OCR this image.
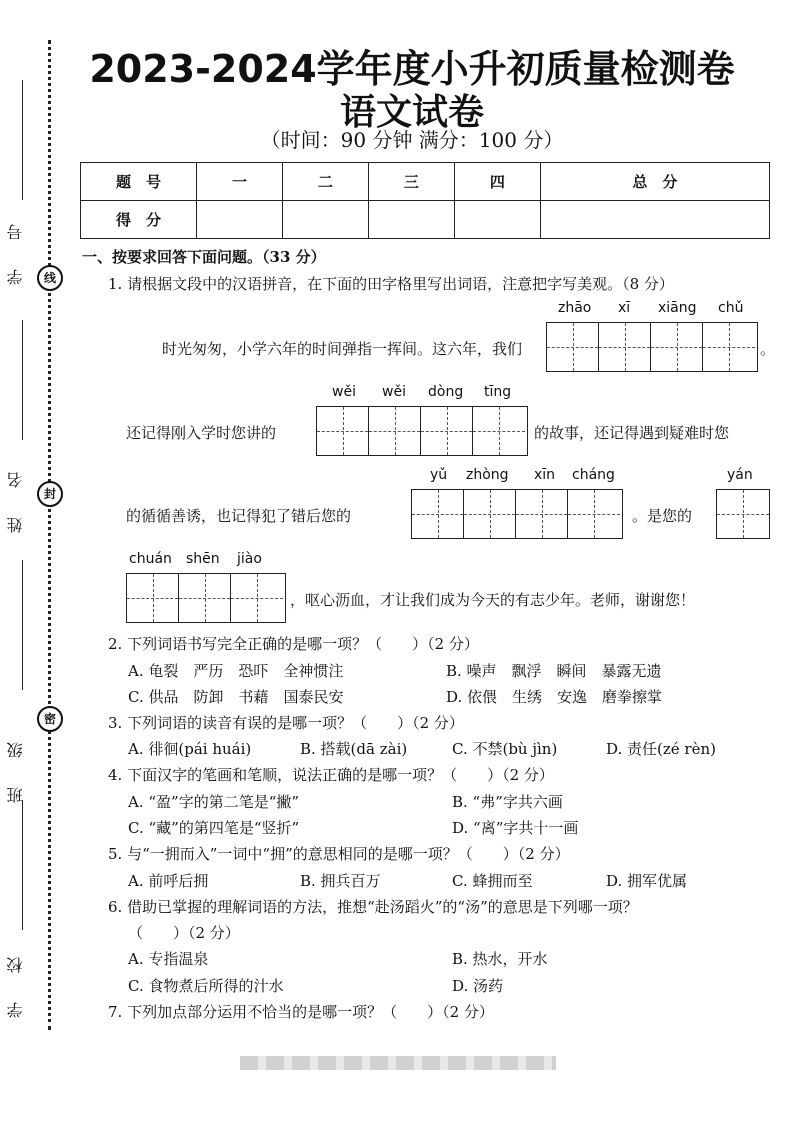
线
封
密
学 号
姓 名
班 级
学 校
2023-2024学年度小升初质量检测卷
语文试卷
（时间：90 分钟 满分：100 分）
题　号	一	二	三	四	总　分
得　分					
一、按要求回答下面问题。（33 分）
1. 请根据文段中的汉语拼音，在下面的田字格里写出词语，注意把字写美观。（8 分）
zhāo xī xiāng chǔ
时光匆匆，小学六年的时间弹指一挥间。这六年，我们	。
wěi wěi dòng tīng
还记得刚入学时您讲的	的故事，还记得遇到疑难时您
yǔ zhòng xīn cháng	yán
的循循善诱，也记得犯了错后您的	。是您的
chuán shēn jiào
，呕心沥血，才让我们成为今天的有志少年。老师，谢谢您！
2. 下列词语书写完全正确的是哪一项？（　　）（2 分）
A. 龟裂　严历　恐吓　全神惯注	B. 噪声　飘浮　瞬间　暴露无遗
C. 供品　防卸　书藉　国泰民安	D. 依偎　生绣　安逸　磨拳擦掌
3. 下列词语的读音有误的是哪一项？（　　）（2 分）
A. 徘徊(pái huái)	B. 搭载(dā zài)	C. 不禁(bù jìn)	D. 责任(zé rèn)
4. 下面汉字的笔画和笔顺，说法正确的是哪一项？（　　）（2 分）
A. “盈”字的第二笔是“撇”	B. “弗”字共六画
C. “藏”的第四笔是“竖折”	D. “离”字共十一画
5. 与“一拥而入”一词中“拥”的意思相同的是哪一项？（　　）（2 分）
A. 前呼后拥	B. 拥兵百万	C. 蜂拥而至	D. 拥军优属
6. 借助已掌握的理解词语的方法，推想“赴汤蹈火”的“汤”的意思是下列哪一项？
（　　）（2 分）
A. 专指温泉	B. 热水，开水
C. 食物煮后所得的汁水	D. 汤药
7. 下列加点部分运用不恰当的是哪一项？（　　）（2 分）
